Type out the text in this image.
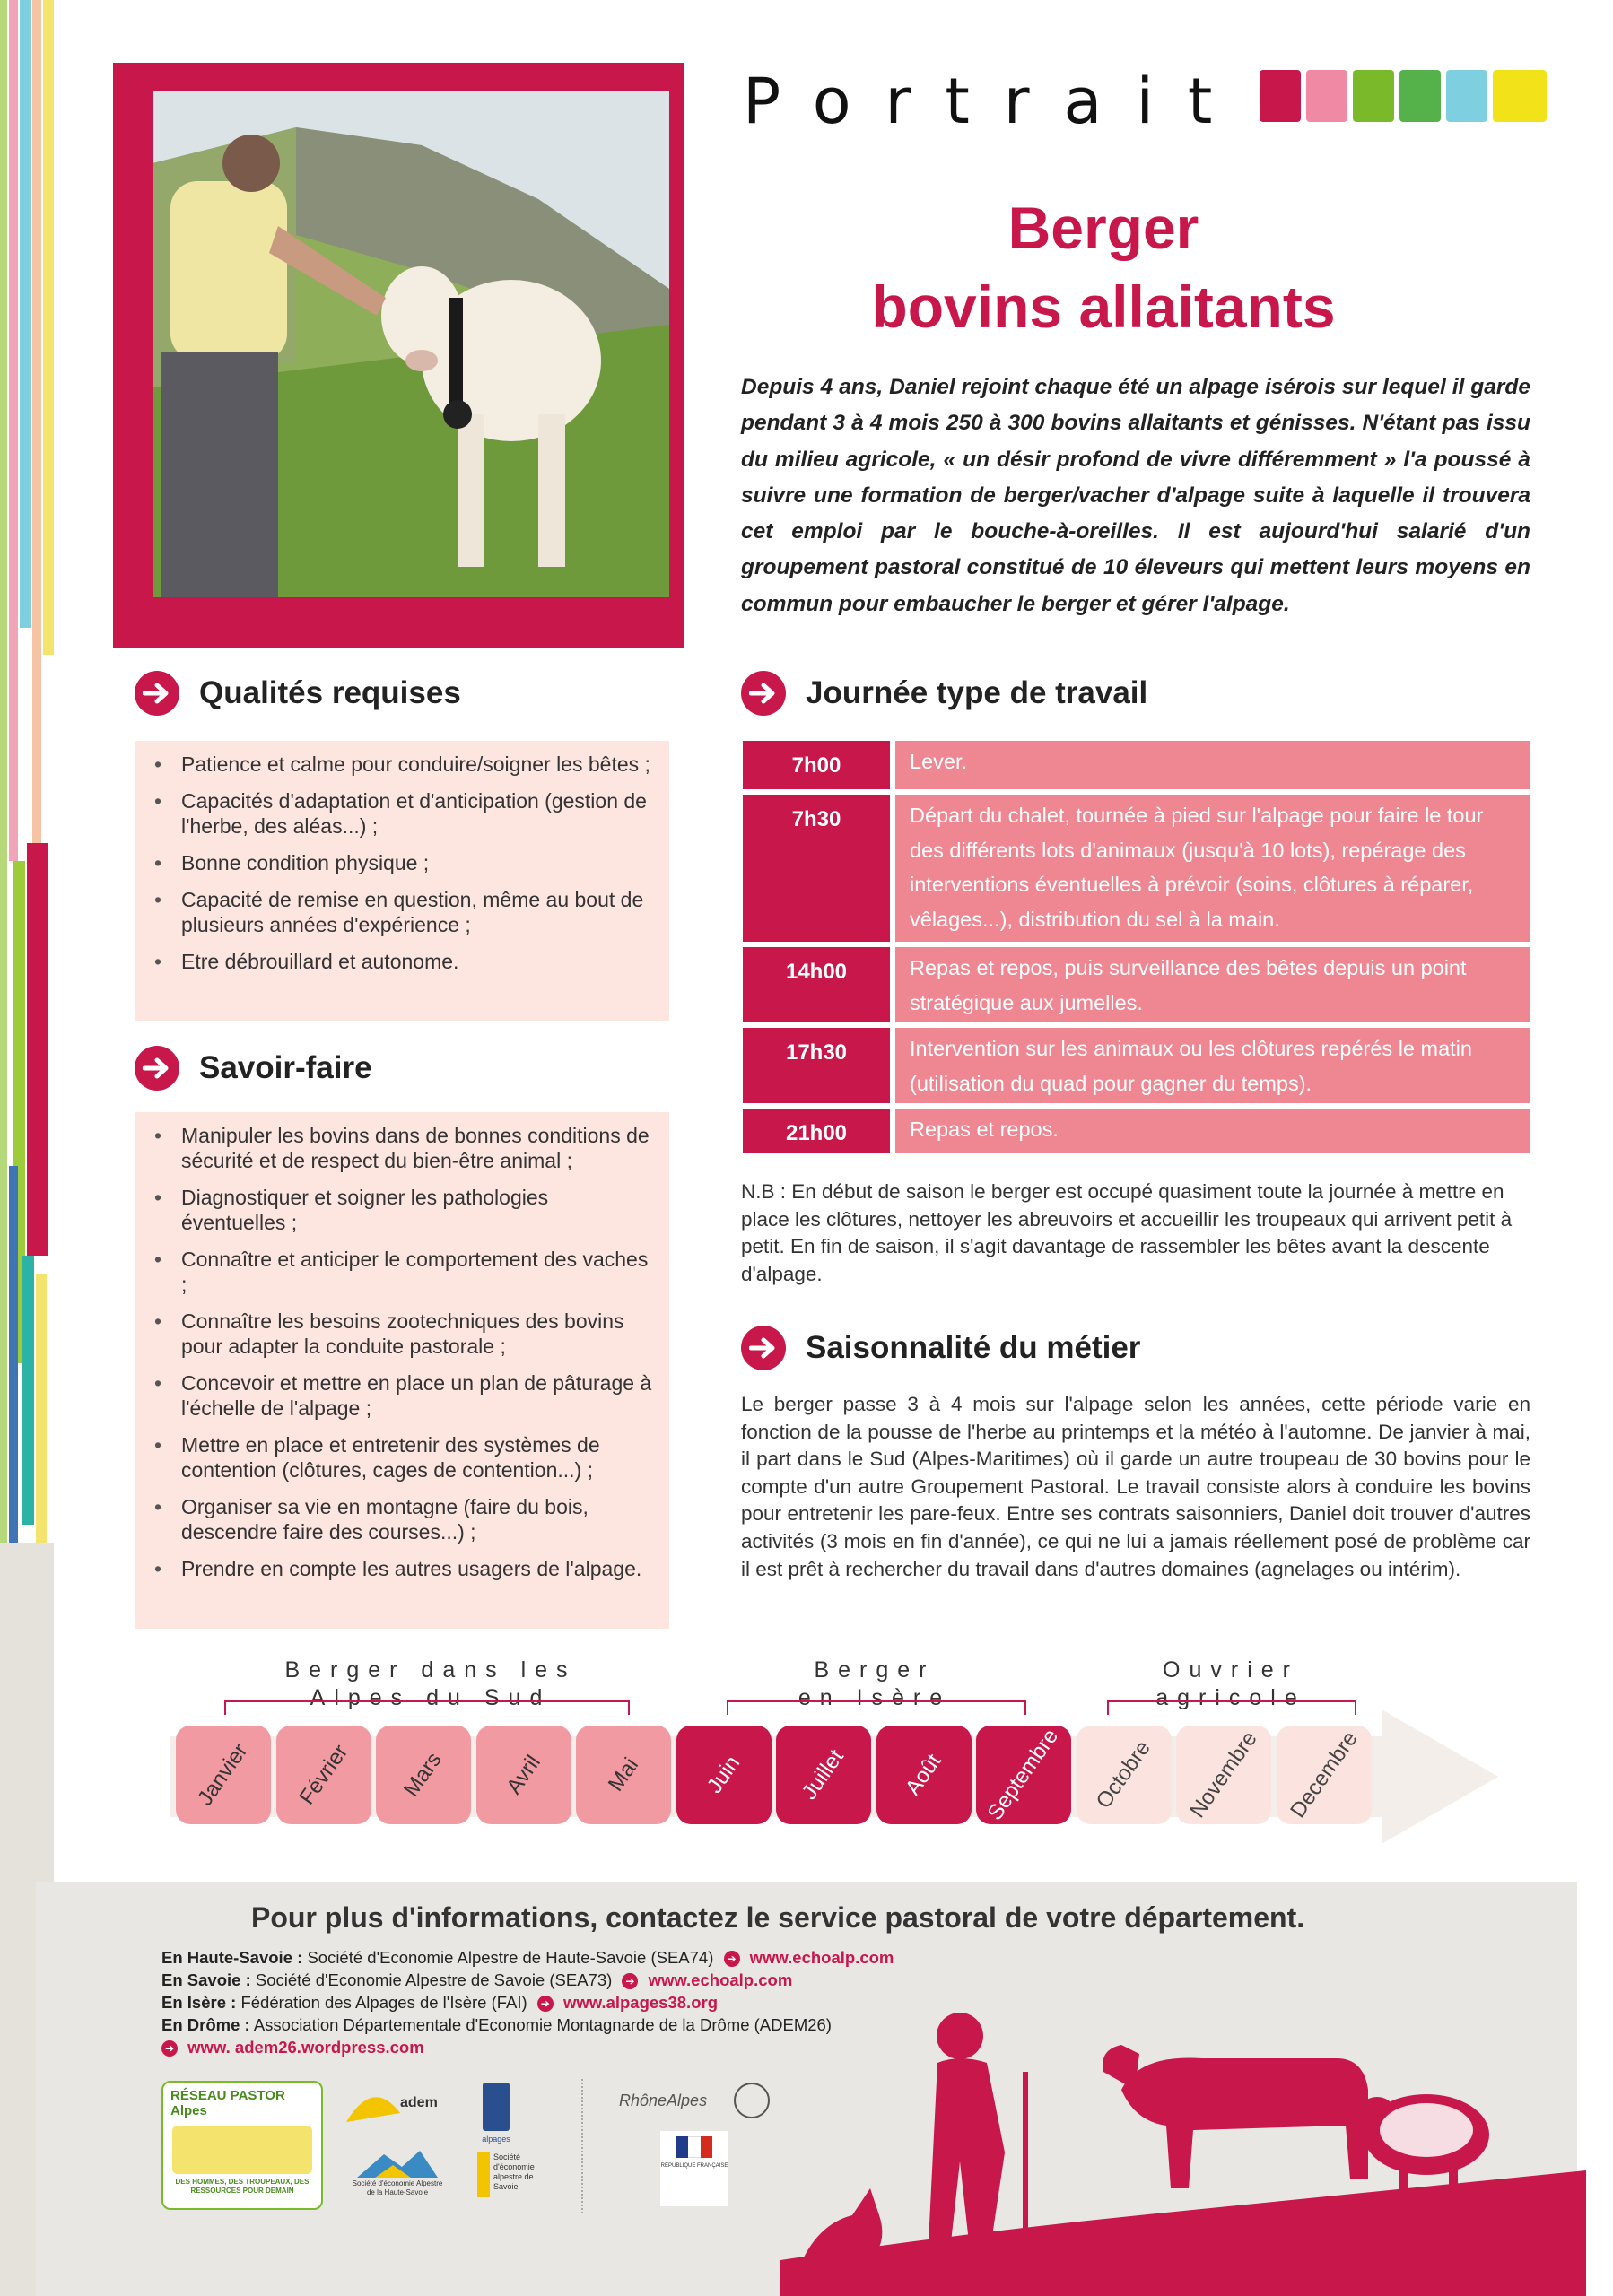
Portrait
Berger
bovins allaitants
Depuis 4 ans, Daniel rejoint chaque été un alpage isérois sur lequel il garde pendant 3 à 4 mois 250 à 300 bovins allaitants et génisses. N'étant pas issu du milieu agricole, « un désir profond de vivre différemment » l'a poussé à suivre une formation de berger/vacher d'alpage suite à laquelle il trouvera cet emploi par le bouche-à-oreilles. Il est aujourd'hui salarié d'un groupement pastoral constitué de 10 éleveurs qui mettent leurs moyens en commun pour embaucher le berger et gérer l'alpage.
Qualités requises
• Patience et calme pour conduire/soigner les bêtes ;
• Capacités d'adaptation et d'anticipation (gestion de l'herbe, des aléas...) ;
• Bonne condition physique ;
• Capacité de remise en question, même au bout de plusieurs années d'expérience ;
• Etre débrouillard et autonome.
Savoir-faire
• Manipuler les bovins dans de bonnes conditions de sécurité et de respect du bien-être animal ;
• Diagnostiquer et soigner les pathologies éventuelles ;
• Connaître et anticiper le comportement des vaches ;
• Connaître les besoins zootechniques des bovins pour adapter la conduite pastorale ;
• Concevoir et mettre en place un plan de pâturage à l'échelle de l'alpage ;
• Mettre en place et entretenir des systèmes de contention (clôtures, cages de contention...) ;
• Organiser sa vie en montagne (faire du bois, descendre faire des courses...) ;
• Prendre en compte les autres usagers de l'alpage.
Journée type de travail
7h00	Lever.
7h30	Départ du chalet, tournée à pied sur l'alpage pour faire le tour des différents lots d'animaux (jusqu'à 10 lots), repérage des interventions éventuelles à prévoir (soins, clôtures à réparer, vêlages...), distribution du sel à la main.
14h00	Repas et repos, puis surveillance des bêtes depuis un point stratégique aux jumelles.
17h30	Intervention sur les animaux ou les clôtures repérés le matin (utilisation du quad pour gagner du temps).
21h00	Repas et repos.
N.B : En début de saison le berger est occupé quasiment toute la journée à mettre en place les clôtures, nettoyer les abreuvoirs et accueillir les troupeaux qui arrivent petit à petit. En fin de saison, il s'agit davantage de rassembler les bêtes avant la descente d'alpage.
Saisonnalité du métier
Le berger passe 3 à 4 mois sur l'alpage selon les années, cette période varie en fonction de la pousse de l'herbe au printemps et la météo à l'automne. De janvier à mai, il part dans le Sud (Alpes-Maritimes) où il garde un autre troupeau de 30 bovins pour le compte d'un autre Groupement Pastoral. Le travail consiste alors à conduire les bovins pour entretenir les pare-feux. Entre ses contrats saisonniers, Daniel doit trouver d'autres activités (3 mois en fin d'année), ce qui ne lui a jamais réellement posé de problème car il est prêt à rechercher du travail dans d'autres domaines (agnelages ou intérim).
Berger dans les
Alpes du Sud
Berger
en Isère
Ouvrier
agricole
Janvier Février Mars	Avril	Mai	Juin Juillet Août Septembre Octobre Novembre Decembre
Pour plus d'informations, contactez le service pastoral de votre département.
En Haute-Savoie : Société d'Economie Alpestre de Haute-Savoie (SEA74) ➔ www.echoalp.com
En Savoie : Société d'Economie Alpestre de Savoie (SEA73) ➔ www.echoalp.com
En Isère : Fédération des Alpages de l'Isère (FAI) ➔ www.alpages38.org
En Drôme : Association Départementale d'Economie Montagnarde de la Drôme (ADEM26)
➔ www. adem26.wordpress.com
RÉSEAU PASTOR Alpes
DES HOMMES, DES TROUPEAUX, DES RESSOURCES POUR DEMAIN
adem
Société d'économie Alpestre de la Haute-Savoie
alpages
Société d'économie alpestre de Savoie
RhôneAlpes
RÉPUBLIQUE FRANÇAISE
